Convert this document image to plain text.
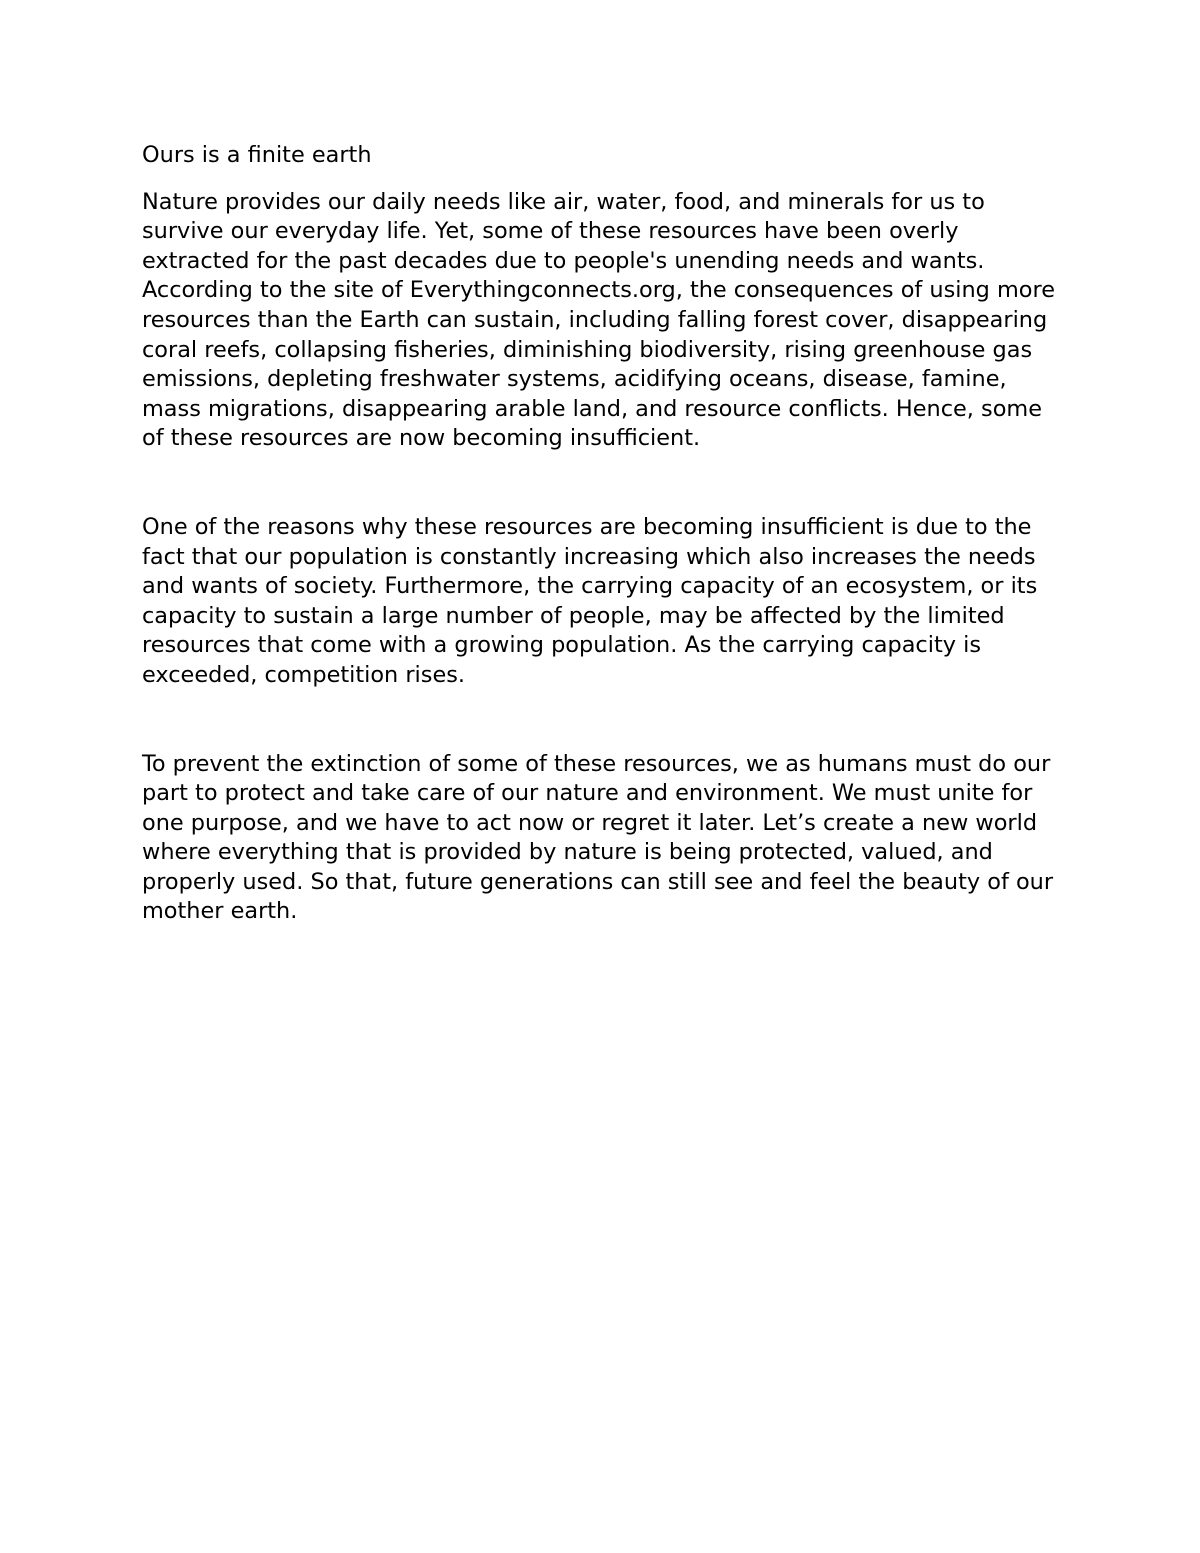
Ours is a finite earth

Nature provides our daily needs like air, water, food, and minerals for us to survive our everyday life. Yet, some of these resources have been overly extracted for the past decades due to people's unending needs and wants. According to the site of Everythingconnects.org, the consequences of using more resources than the Earth can sustain, including falling forest cover, disappearing coral reefs, collapsing fisheries, diminishing biodiversity, rising greenhouse gas emissions, depleting freshwater systems, acidifying oceans, disease, famine, mass migrations, disappearing arable land, and resource conflicts. Hence, some of these resources are now becoming insufficient.

One of the reasons why these resources are becoming insufficient is due to the fact that our population is constantly increasing which also increases the needs and wants of society. Furthermore, the carrying capacity of an ecosystem, or its capacity to sustain a large number of people, may be affected by the limited resources that come with a growing population. As the carrying capacity is exceeded, competition rises.

To prevent the extinction of some of these resources, we as humans must do our part to protect and take care of our nature and environment. We must unite for one purpose, and we have to act now or regret it later. Let’s create a new world where everything that is provided by nature is being protected, valued, and properly used. So that, future generations can still see and feel the beauty of our mother earth.
